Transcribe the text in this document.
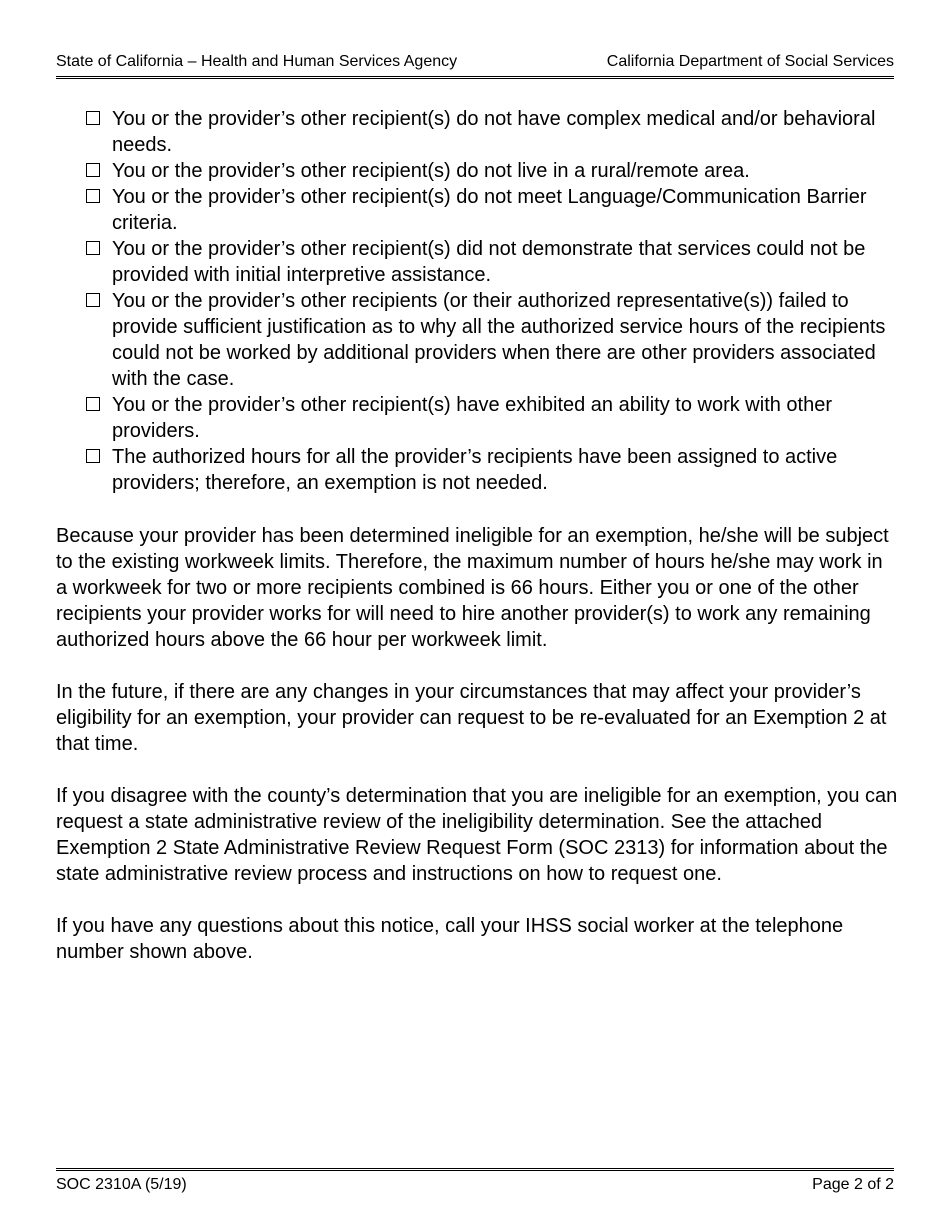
State of California – Health and Human Services Agency	California Department of Social Services
You or the provider’s other recipient(s) do not have complex medical and/or behavioral needs.
You or the provider’s other recipient(s) do not live in a rural/remote area.
You or the provider’s other recipient(s) do not meet Language/Communication Barrier criteria.
You or the provider’s other recipient(s) did not demonstrate that services could not be provided with initial interpretive assistance.
You or the provider’s other recipients (or their authorized representative(s)) failed to provide sufficient justification as to why all the authorized service hours of the recipients could not be worked by additional providers when there are other providers associated with the case.
You or the provider’s other recipient(s) have exhibited an ability to work with other providers.
The authorized hours for all the provider’s recipients have been assigned to active providers; therefore, an exemption is not needed.

Because your provider has been determined ineligible for an exemption, he/she will be subject to the existing workweek limits. Therefore, the maximum number of hours he/she may work in a workweek for two or more recipients combined is 66 hours. Either you or one of the other recipients your provider works for will need to hire another provider(s) to work any remaining authorized hours above the 66 hour per workweek limit.

In the future, if there are any changes in your circumstances that may affect your provider’s eligibility for an exemption, your provider can request to be re-evaluated for an Exemption 2 at that time.

If you disagree with the county’s determination that you are ineligible for an exemption, you can request a state administrative review of the ineligibility determination. See the attached Exemption 2 State Administrative Review Request Form (SOC 2313) for information about the state administrative review process and instructions on how to request one.

If you have any questions about this notice, call your IHSS social worker at the telephone number shown above.

SOC 2310A (5/19)	Page 2 of 2
